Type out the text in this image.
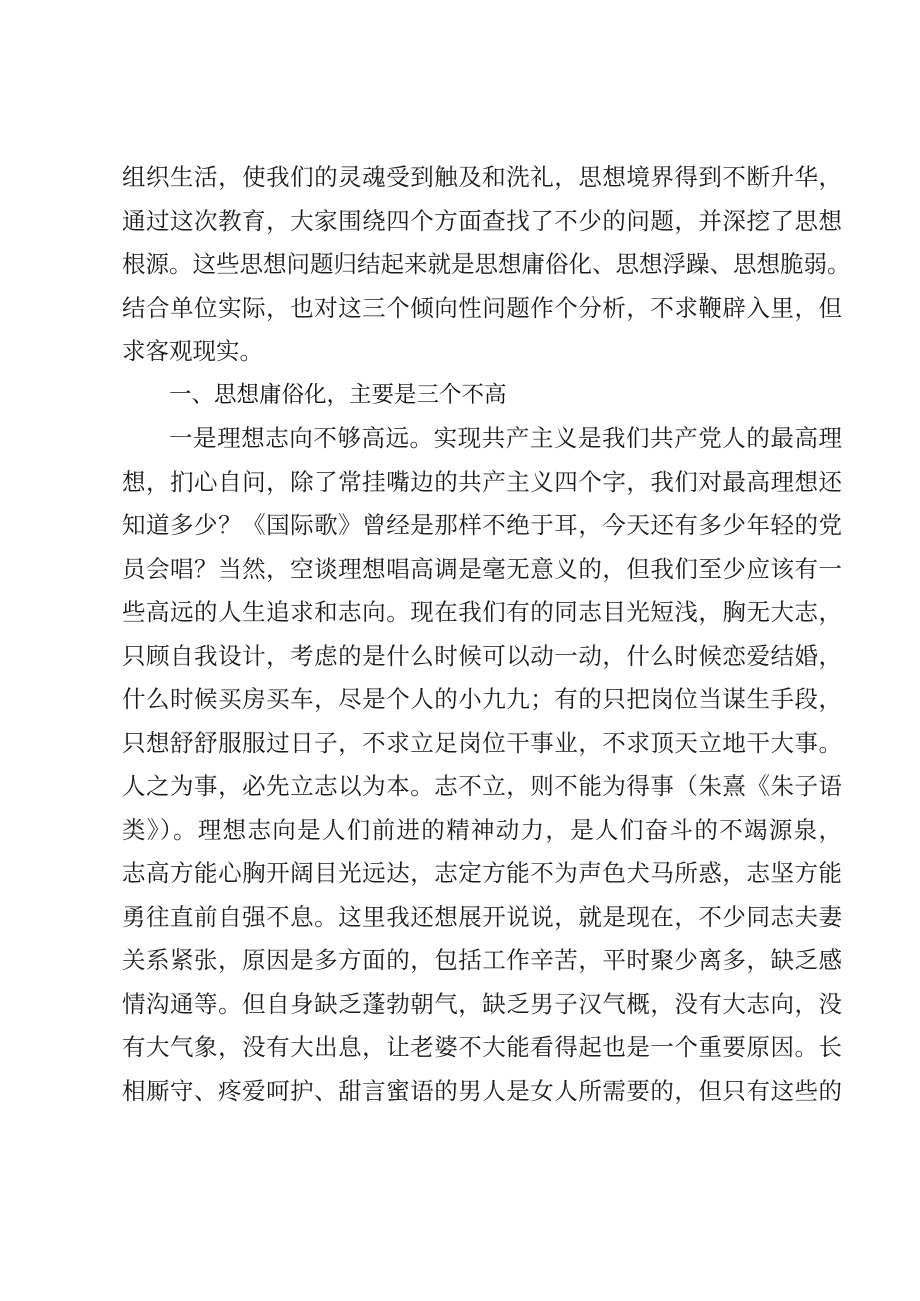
组织生活，使我们的灵魂受到触及和洗礼，思想境界得到不断升华，
通过这次教育，大家围绕四个方面查找了不少的问题，并深挖了思想
根源。这些思想问题归结起来就是思想庸俗化、思想浮躁、思想脆弱。
结合单位实际，也对这三个倾向性问题作个分析，不求鞭辟入里，但
求客观现实。
一、思想庸俗化，主要是三个不高
一是理想志向不够高远。实现共产主义是我们共产党人的最高理
想，扪心自问，除了常挂嘴边的共产主义四个字，我们对最高理想还
知道多少？《国际歌》曾经是那样不绝于耳，今天还有多少年轻的党
员会唱？当然，空谈理想唱高调是毫无意义的，但我们至少应该有一
些高远的人生追求和志向。现在我们有的同志目光短浅，胸无大志，
只顾自我设计，考虑的是什么时候可以动一动，什么时候恋爱结婚，
什么时候买房买车，尽是个人的小九九；有的只把岗位当谋生手段，
只想舒舒服服过日子，不求立足岗位干事业，不求顶天立地干大事。
人之为事，必先立志以为本。志不立，则不能为得事（朱熹《朱子语
类》）。理想志向是人们前进的精神动力，是人们奋斗的不竭源泉，
志高方能心胸开阔目光远达，志定方能不为声色犬马所惑，志坚方能
勇往直前自强不息。这里我还想展开说说，就是现在，不少同志夫妻
关系紧张，原因是多方面的，包括工作辛苦，平时聚少离多，缺乏感
情沟通等。但自身缺乏蓬勃朝气，缺乏男子汉气概，没有大志向，没
有大气象，没有大出息，让老婆不大能看得起也是一个重要原因。长
相厮守、疼爱呵护、甜言蜜语的男人是女人所需要的，但只有这些的
